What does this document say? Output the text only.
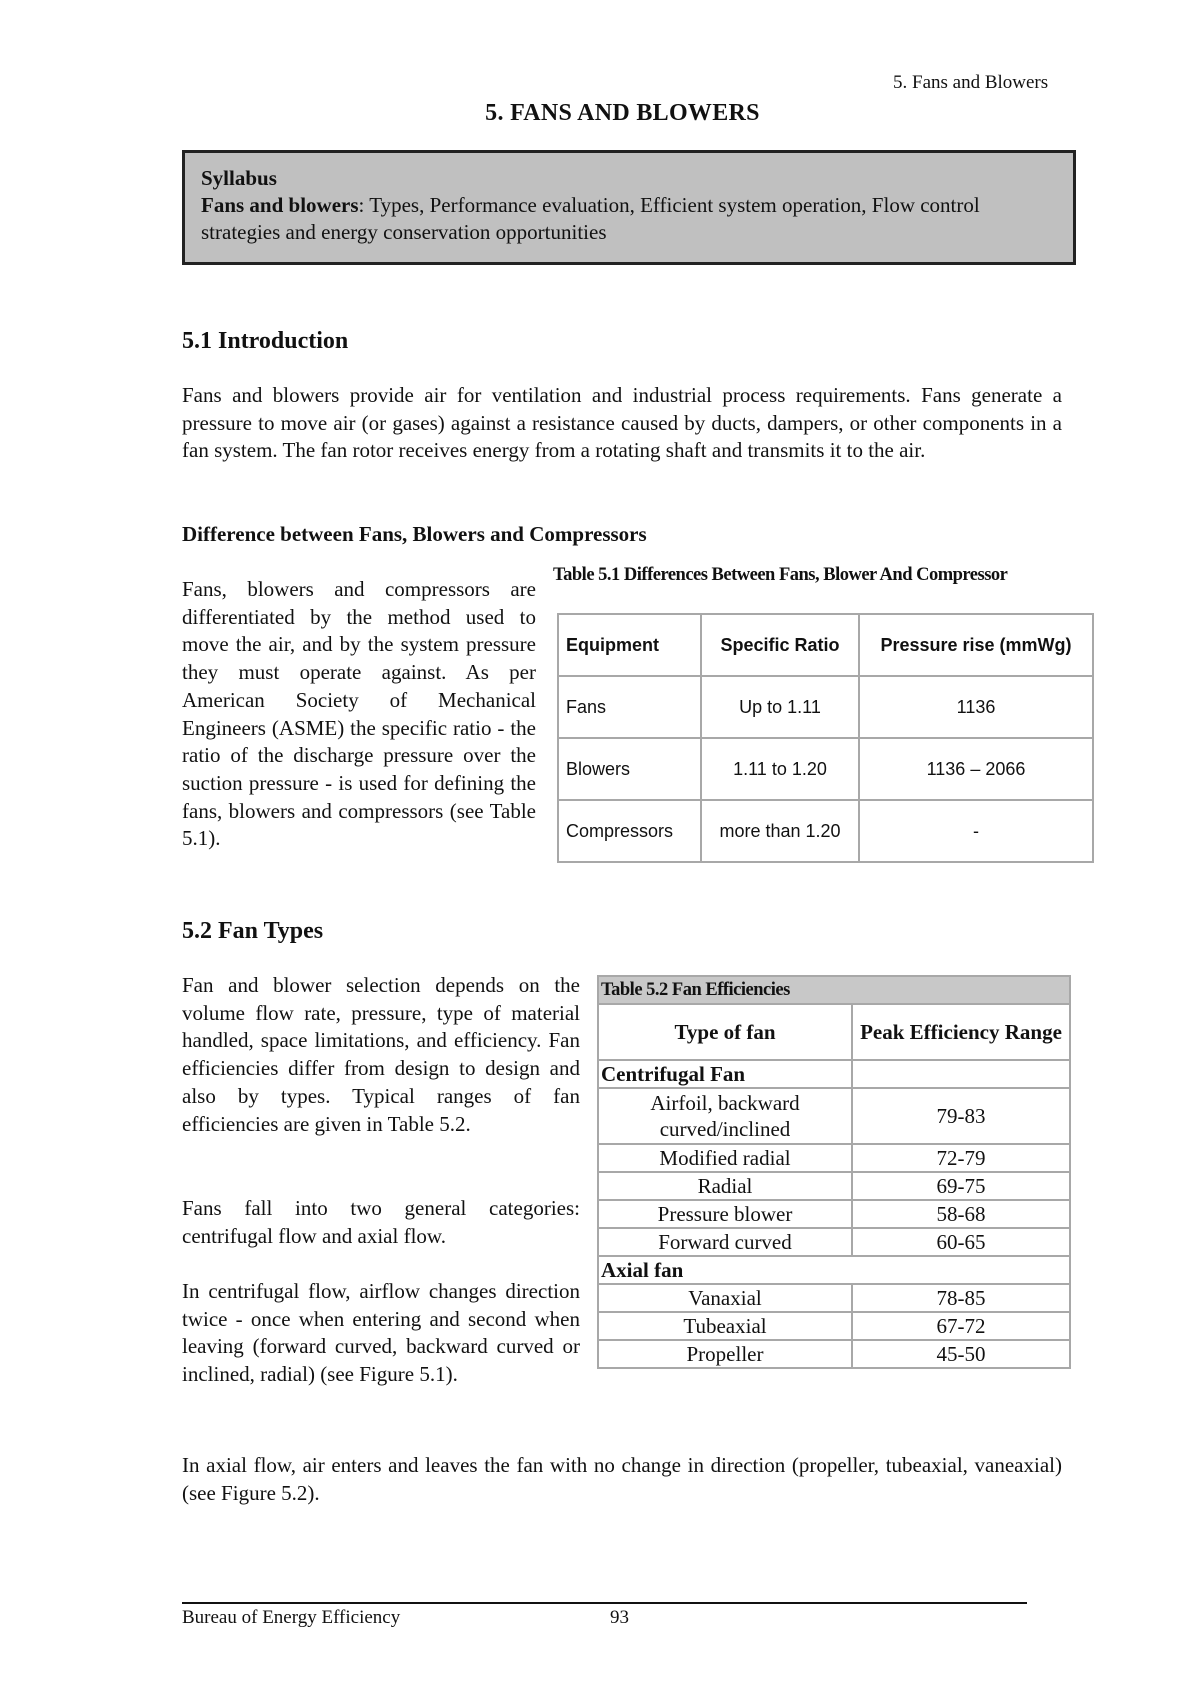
5. Fans and Blowers
5. FANS AND BLOWERS
Syllabus
Fans and blowers: Types, Performance evaluation, Efficient system operation, Flow control strategies and energy conservation opportunities
5.1 Introduction
Fans and blowers provide air for ventilation and industrial process requirements. Fans generate a pressure to move air (or gases) against a resistance caused by ducts, dampers, or other components in a fan system. The fan rotor receives energy from a rotating shaft and transmits it to the air.
Difference between Fans, Blowers and Compressors
Fans, blowers and compressors are differentiated by the method used to move the air, and by the system pressure they must operate against. As per American Society of Mechanical Engineers (ASME) the specific ratio - the ratio of the discharge pressure over the suction pressure - is used for defining the fans, blowers and compressors (see Table 5.1).
Table 5.1 Differences Between Fans, Blower And Compressor
Equipment	Specific Ratio	Pressure rise (mmWg)
Fans	Up to 1.11	1136
Blowers	1.11 to 1.20	1136 – 2066
Compressors	more than 1.20	-
5.2 Fan Types
Fan and blower selection depends on the volume flow rate, pressure, type of material handled, space limitations, and efficiency. Fan efficiencies differ from design to design and also by types. Typical ranges of fan efficiencies are given in Table 5.2.
Fans fall into two general categories: centrifugal flow and axial flow.
In centrifugal flow, airflow changes direction twice - once when entering and second when leaving (forward curved, backward curved or inclined, radial) (see Figure 5.1).
In axial flow, air enters and leaves the fan with no change in direction (propeller, tubeaxial, vaneaxial) (see Figure 5.2).
Table 5.2 Fan Efficiencies	
Type of fan	Peak Efficiency Range
Centrifugal Fan	
Airfoil, backward curved/inclined	79-83
Modified radial	72-79
Radial	69-75
Pressure blower	58-68
Forward curved	60-65
Axial fan	
Vanaxial	78-85
Tubeaxial	67-72
Propeller	45-50
Bureau of Energy Efficiency	93
